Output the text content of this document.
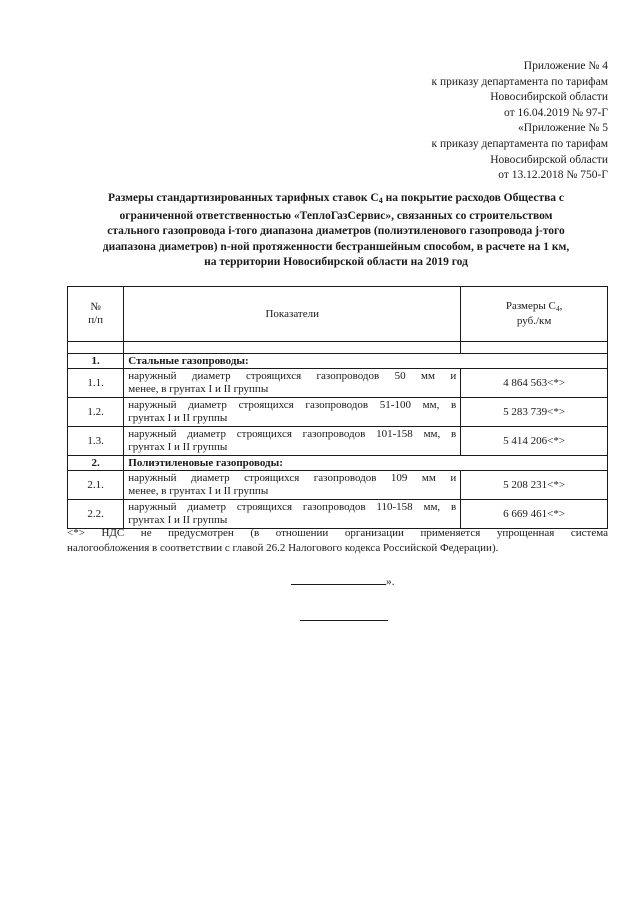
Приложение № 4
к приказу департамента по тарифам
Новосибирской области
от 16.04.2019 № 97-Г
«Приложение № 5
к приказу департамента по тарифам
Новосибирской области
от 13.12.2018 № 750-Г
Размеры стандартизированных тарифных ставок $С_4$ на покрытие расходов Общества с
ограниченной ответственностью «ТеплоГазСервис», связанных со строительством
стального газопровода i-того диапазона диаметров (полиэтиленового газопровода j-того
диапазона диаметров) n-ной протяженности бестраншейным способом, в расчете на 1 км,
на территории Новосибирской области на 2019 год
№
п/п	Показатели	Размеры $С_4$,
руб./км

1.	Стальные газопроводы:	
1.1.	наружный диаметр строящихся газопроводов 50 мм и
менее, в грунтах I и II группы	4 864 563<*>
1.2.	наружный диаметр строящихся газопроводов 51-100 мм, в
грунтах I и II группы	5 283 739<*>
1.3.	наружный диаметр строящихся газопроводов 101-158 мм, в
грунтах I и II группы	5 414 206<*>
2.	Полиэтиленовые газопроводы:	
2.1.	наружный диаметр строящихся газопроводов 109 мм и
менее, в грунтах I и II группы	5 208 231<*>
2.2.	наружный диаметр строящихся газопроводов 110-158 мм, в
грунтах I и II группы	6 669 461<*>
<*> НДС не предусмотрен (в отношении организации применяется упрощенная система
налогообложения в соответствии с главой 26.2 Налогового кодекса Российской Федерации).
».
